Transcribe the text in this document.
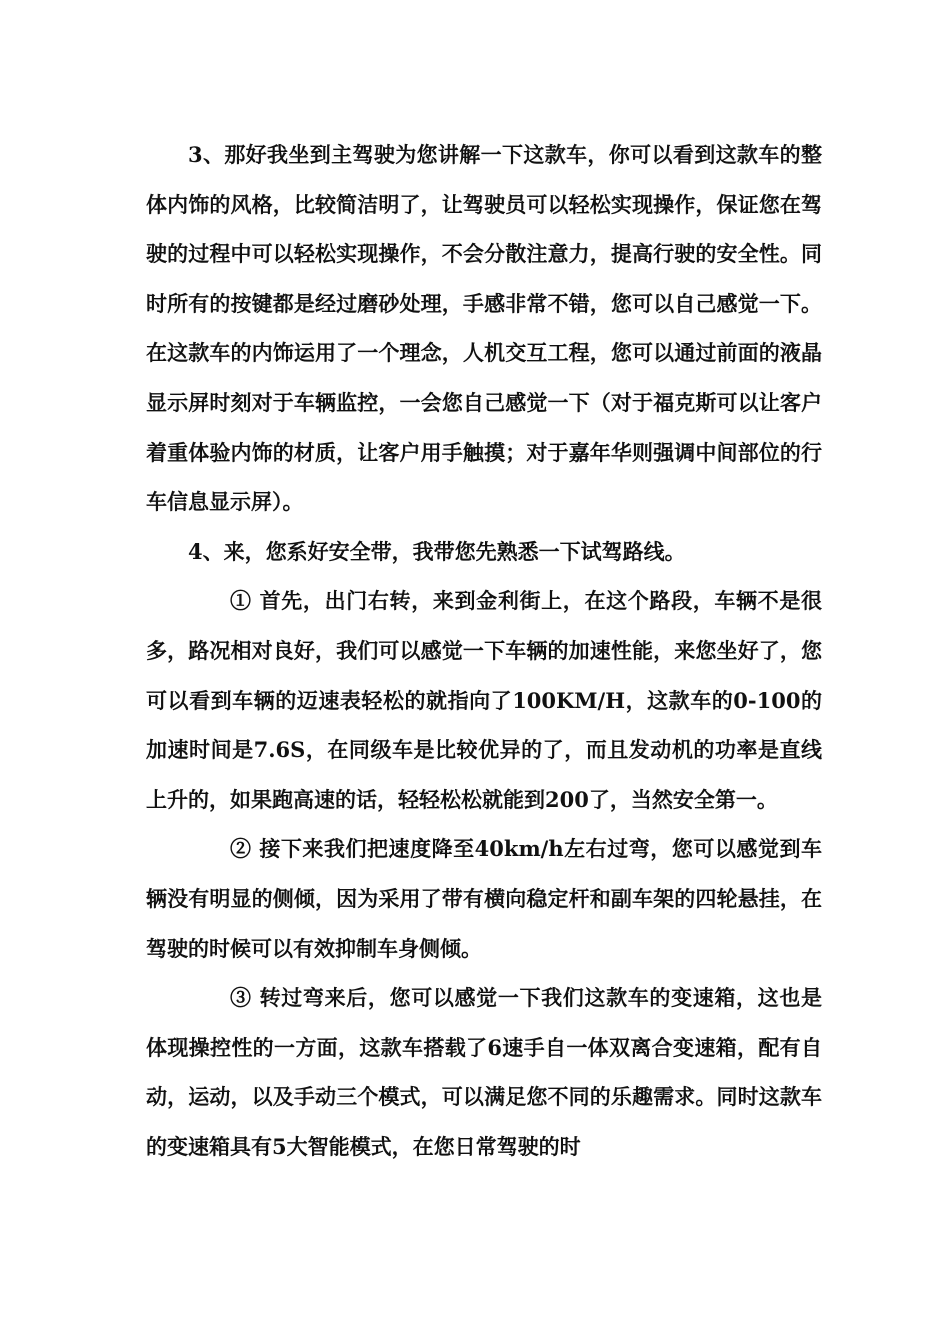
3、那好我坐到主驾驶为您讲解一下这款车，你可以看到这款车的整体内饰的风格，比较简洁明了，让驾驶员可以轻松实现操作，保证您在驾驶的过程中可以轻松实现操作，不会分散注意力，提高行驶的安全性。同时所有的按键都是经过磨砂处理，手感非常不错，您可以自己感觉一下。在这款车的内饰运用了一个理念，人机交互工程，您可以通过前面的液晶显示屏时刻对于车辆监控，一会您自己感觉一下（对于福克斯可以让客户着重体验内饰的材质，让客户用手触摸；对于嘉年华则强调中间部位的行车信息显示屏）。

4、来，您系好安全带，我带您先熟悉一下试驾路线。

① 首先，出门右转，来到金利街上，在这个路段，车辆不是很多，路况相对良好，我们可以感觉一下车辆的加速性能，来您坐好了，您可以看到车辆的迈速表轻松的就指向了100KM/H，这款车的0-100的加速时间是7.6S，在同级车是比较优异的了，而且发动机的功率是直线上升的，如果跑高速的话，轻轻松松就能到200了，当然安全第一。

② 接下来我们把速度降至40km/h左右过弯，您可以感觉到车辆没有明显的侧倾，因为采用了带有横向稳定杆和副车架的四轮悬挂，在驾驶的时候可以有效抑制车身侧倾。

③ 转过弯来后，您可以感觉一下我们这款车的变速箱，这也是体现操控性的一方面，这款车搭载了6速手自一体双离合变速箱，配有自动，运动，以及手动三个模式，可以满足您不同的乐趣需求。同时这款车的变速箱具有5大智能模式，在您日常驾驶的时
